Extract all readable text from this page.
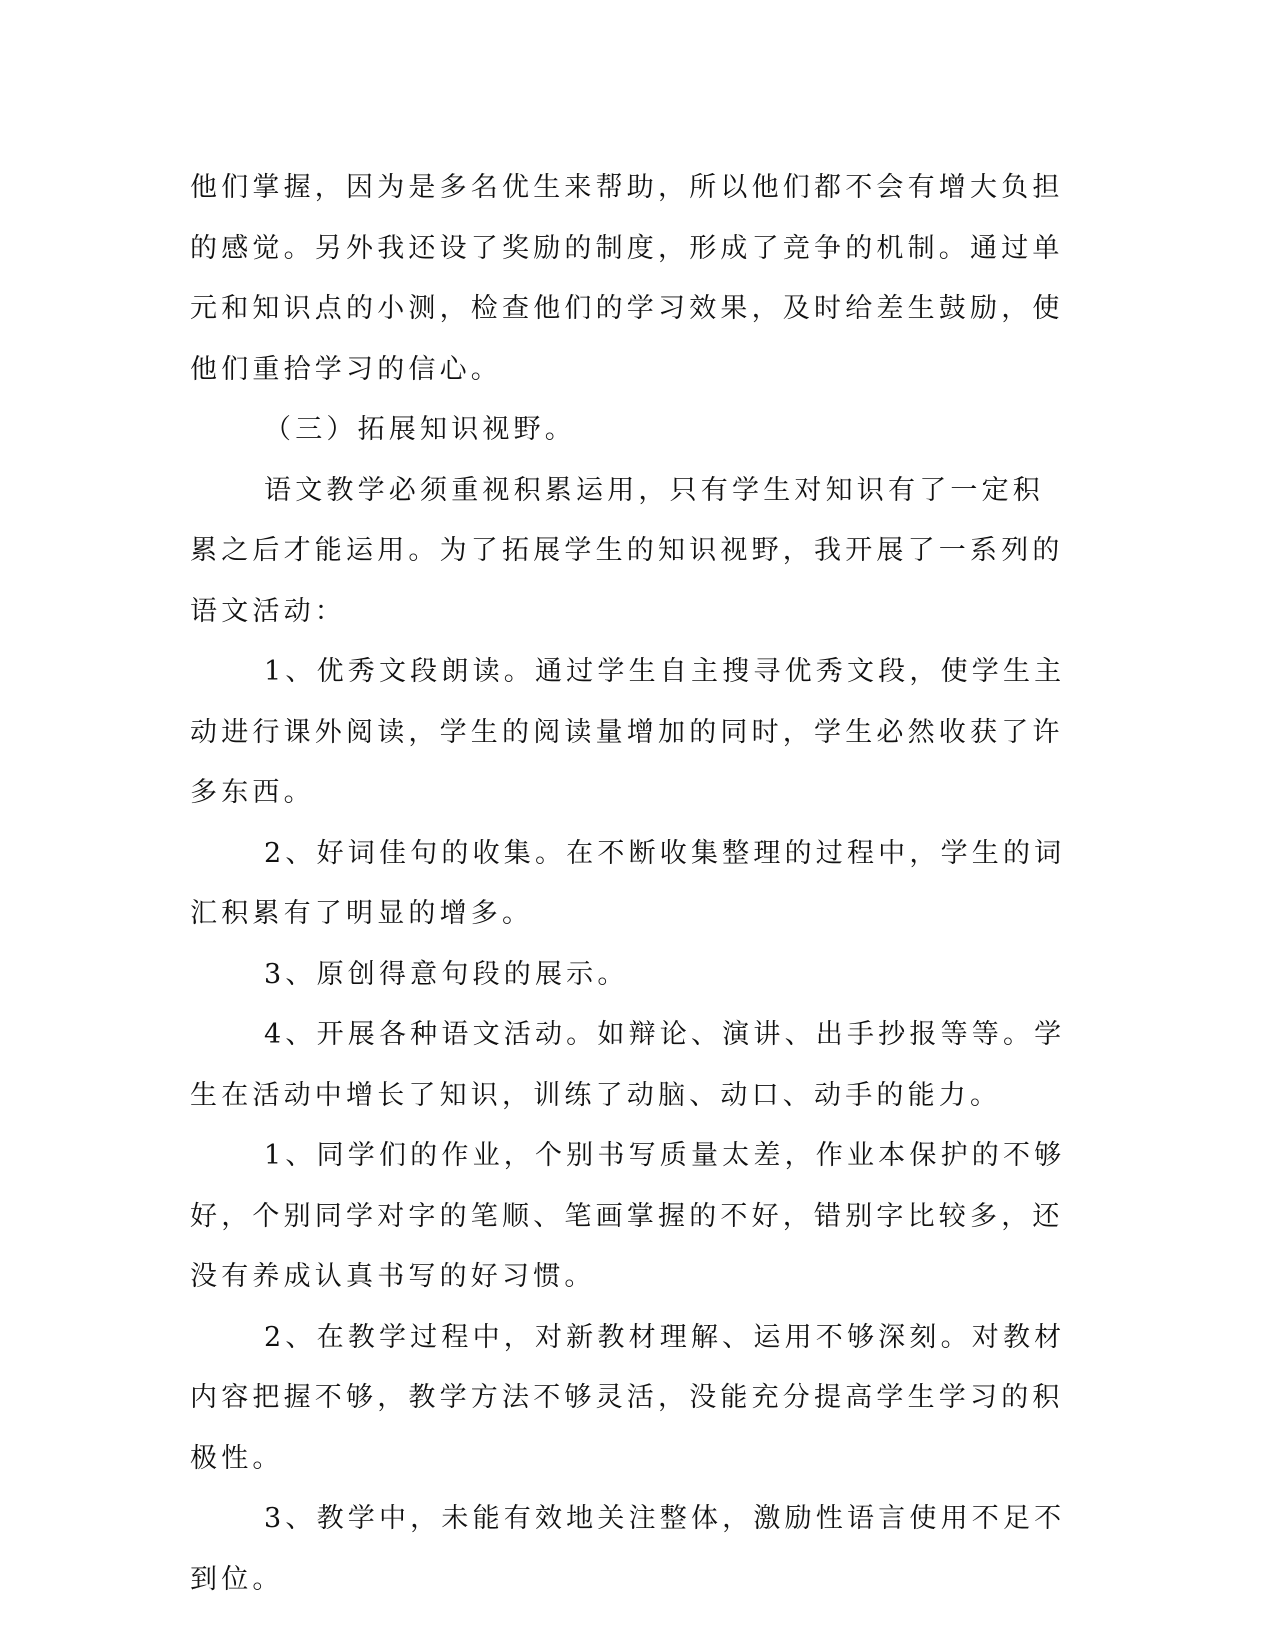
他们掌握，因为是多名优生来帮助，所以他们都不会有增大负担的感觉。另外我还设了奖励的制度，形成了竞争的机制。通过单元和知识点的小测，检查他们的学习效果，及时给差生鼓励，使他们重拾学习的信心。

（三）拓展知识视野。

语文教学必须重视积累运用，只有学生对知识有了一定积累之后才能运用。为了拓展学生的知识视野，我开展了一系列的语文活动：

1、优秀文段朗读。通过学生自主搜寻优秀文段，使学生主动进行课外阅读，学生的阅读量增加的同时，学生必然收获了许多东西。

2、好词佳句的收集。在不断收集整理的过程中，学生的词汇积累有了明显的增多。

3、原创得意句段的展示。

4、开展各种语文活动。如辩论、演讲、出手抄报等等。学生在活动中增长了知识，训练了动脑、动口、动手的能力。

1、同学们的作业，个别书写质量太差，作业本保护的不够好，个别同学对字的笔顺、笔画掌握的不好，错别字比较多，还没有养成认真书写的好习惯。

2、在教学过程中，对新教材理解、运用不够深刻。对教材内容把握不够，教学方法不够灵活，没能充分提高学生学习的积极性。

3、教学中，未能有效地关注整体，激励性语言使用不足不到位。
